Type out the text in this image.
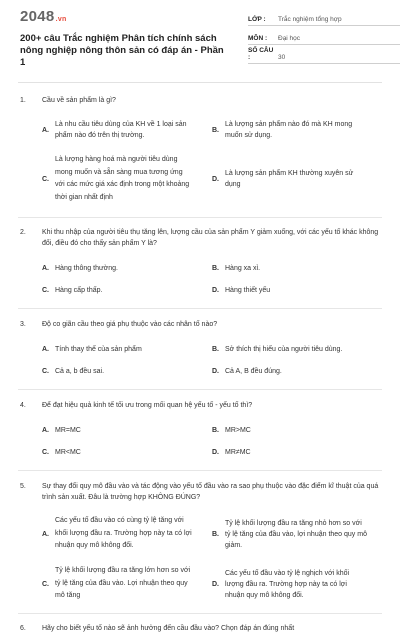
2048.vn
200+ câu Trắc nghiệm Phân tích chính sách nông nghiệp nông thôn sản có đáp án - Phần 1
LỚP :	Trắc nghiệm tổng hợp
MÔN :	Đại học
SỐ CÂU :	30
1.	Cầu về sản phẩm là gì?
A.
Là nhu cầu tiêu dùng của KH về 1 loại sản phẩm nào đó trên thị trường.
B.
Là lượng sản phẩm nào đó mà KH mong muốn sử dụng.
C.
Là lượng hàng hoá mà người tiêu dùng mong muốn và sẵn sàng mua tương ứng với các mức giá xác định trong một khoảng thời gian nhất định
D.
Là lượng sản phẩm KH thường xuyên sử dụng
2.	Khi thu nhập của người tiêu thụ tăng lên, lượng cầu của sản phẩm Y giảm xuống, với các yếu tố khác không đổi, điều đó cho thấy sản phẩm Y là?
A. Hàng thông thường.	B. Hàng xa xỉ.
C. Hàng cấp thấp.	D. Hàng thiết yếu
3.	Độ co giãn cầu theo giá phụ thuộc vào các nhân tố nào?
A. Tính thay thế của sản phẩm	B. Sở thích thị hiếu của người tiêu dùng.
C. Cả a, b đều sai.	D. Cả A, B đều đúng.
4.	Để đạt hiệu quả kinh tế tối ưu trong mối quan hệ yếu tố - yếu tố thì?
A. MR=MC	B. MR>MC
C. MR<MC	D. MR≠MC
5.	Sự thay đổi quy mô đầu vào và tác động vào yếu tố đầu vào ra sao phụ thuộc vào đặc điểm kĩ thuật của quá trình sản xuất. Đâu là trường hợp KHÔNG ĐÚNG?
A.
Các yếu tố đầu vào có cùng tỷ lệ tăng với khối lượng đầu ra. Trường hợp này ta có lợi nhuận quy mô không đổi.
B.
Tỷ lệ khối lượng đầu ra tăng nhỏ hơn so với tỷ lệ tăng của đầu vào, lợi nhuận theo quy mô giảm.
C.
Tỷ lệ khối lượng đầu ra tăng lớn hơn so với tỷ lệ tăng của đầu vào. Lợi nhuận theo quy mô tăng
D.
Các yếu tố đầu vào tỷ lệ nghịch với khối lượng đầu ra. Trường hợp này ta có lợi nhuận quy mô không đổi.
6.	Hãy cho biết yếu tố nào sẽ ảnh hưởng đến cầu đầu vào? Chọn đáp án đúng nhất
